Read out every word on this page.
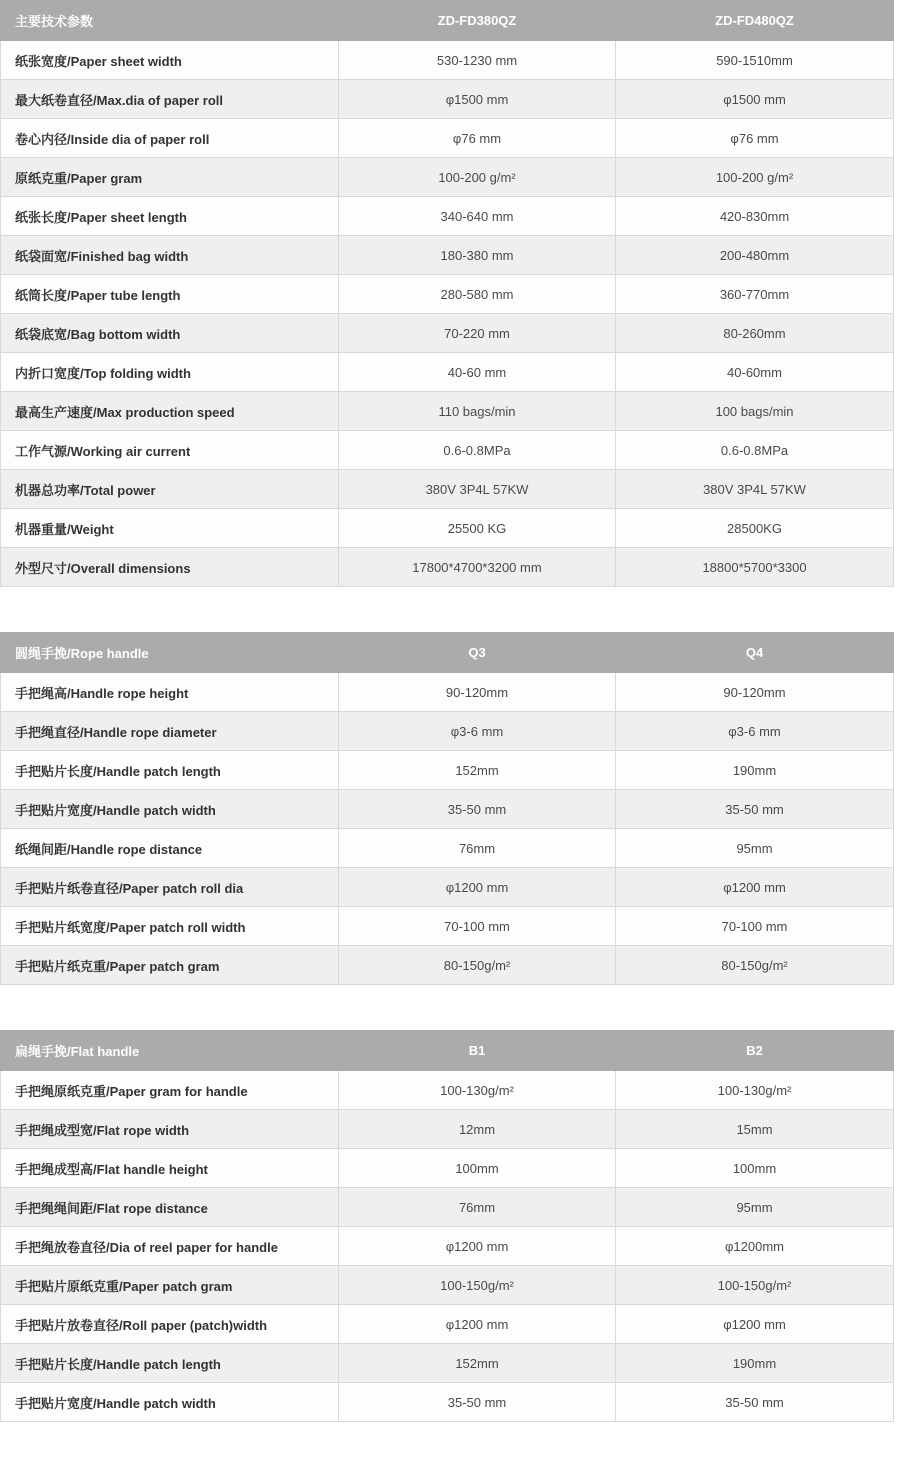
主要技术参数	ZD-FD380QZ	ZD-FD480QZ
纸张宽度/Paper sheet width	530-1230 mm	590-1510mm
最大纸卷直径/Max.dia of paper roll	φ1500 mm	φ1500 mm
卷心内径/Inside dia of paper roll	φ76 mm	φ76 mm
原纸克重/Paper gram	100-200 g/m²	100-200 g/m²
纸张长度/Paper sheet length	340-640 mm	420-830mm
纸袋面宽/Finished bag width	180-380 mm	200-480mm
纸筒长度/Paper tube length	280-580 mm	360-770mm
纸袋底宽/Bag bottom width	70-220 mm	80-260mm
内折口宽度/Top folding width	40-60 mm	40-60mm
最高生产速度/Max production speed	110 bags/min	100 bags/min
工作气源/Working air current	0.6-0.8MPa	0.6-0.8MPa
机器总功率/Total power	380V 3P4L 57KW	380V 3P4L 57KW
机器重量/Weight	25500 KG	28500KG
外型尺寸/Overall dimensions	17800*4700*3200 mm	18800*5700*3300
圆绳手挽/Rope handle	Q3	Q4
手把绳高/Handle rope height	90-120mm	90-120mm
手把绳直径/Handle rope diameter	φ3-6 mm	φ3-6 mm
手把贴片长度/Handle patch length	152mm	190mm
手把贴片宽度/Handle patch width	35-50 mm	35-50 mm
纸绳间距/Handle rope distance	76mm	95mm
手把贴片纸卷直径/Paper patch roll dia	φ1200 mm	φ1200 mm
手把贴片纸宽度/Paper patch roll width	70-100 mm	70-100 mm
手把贴片纸克重/Paper patch gram	80-150g/m²	80-150g/m²
扁绳手挽/Flat handle	B1	B2
手把绳原纸克重/Paper gram for handle	100-130g/m²	100-130g/m²
手把绳成型宽/Flat rope width	12mm	15mm
手把绳成型高/Flat handle height	100mm	100mm
手把绳绳间距/Flat rope distance	76mm	95mm
手把绳放卷直径/Dia of reel paper for handle	φ1200 mm	φ1200mm
手把贴片原纸克重/Paper patch gram	100-150g/m²	100-150g/m²
手把贴片放卷直径/Roll paper (patch)width	φ1200 mm	φ1200 mm
手把贴片长度/Handle patch length	152mm	190mm
手把贴片宽度/Handle patch width	35-50 mm	35-50 mm
